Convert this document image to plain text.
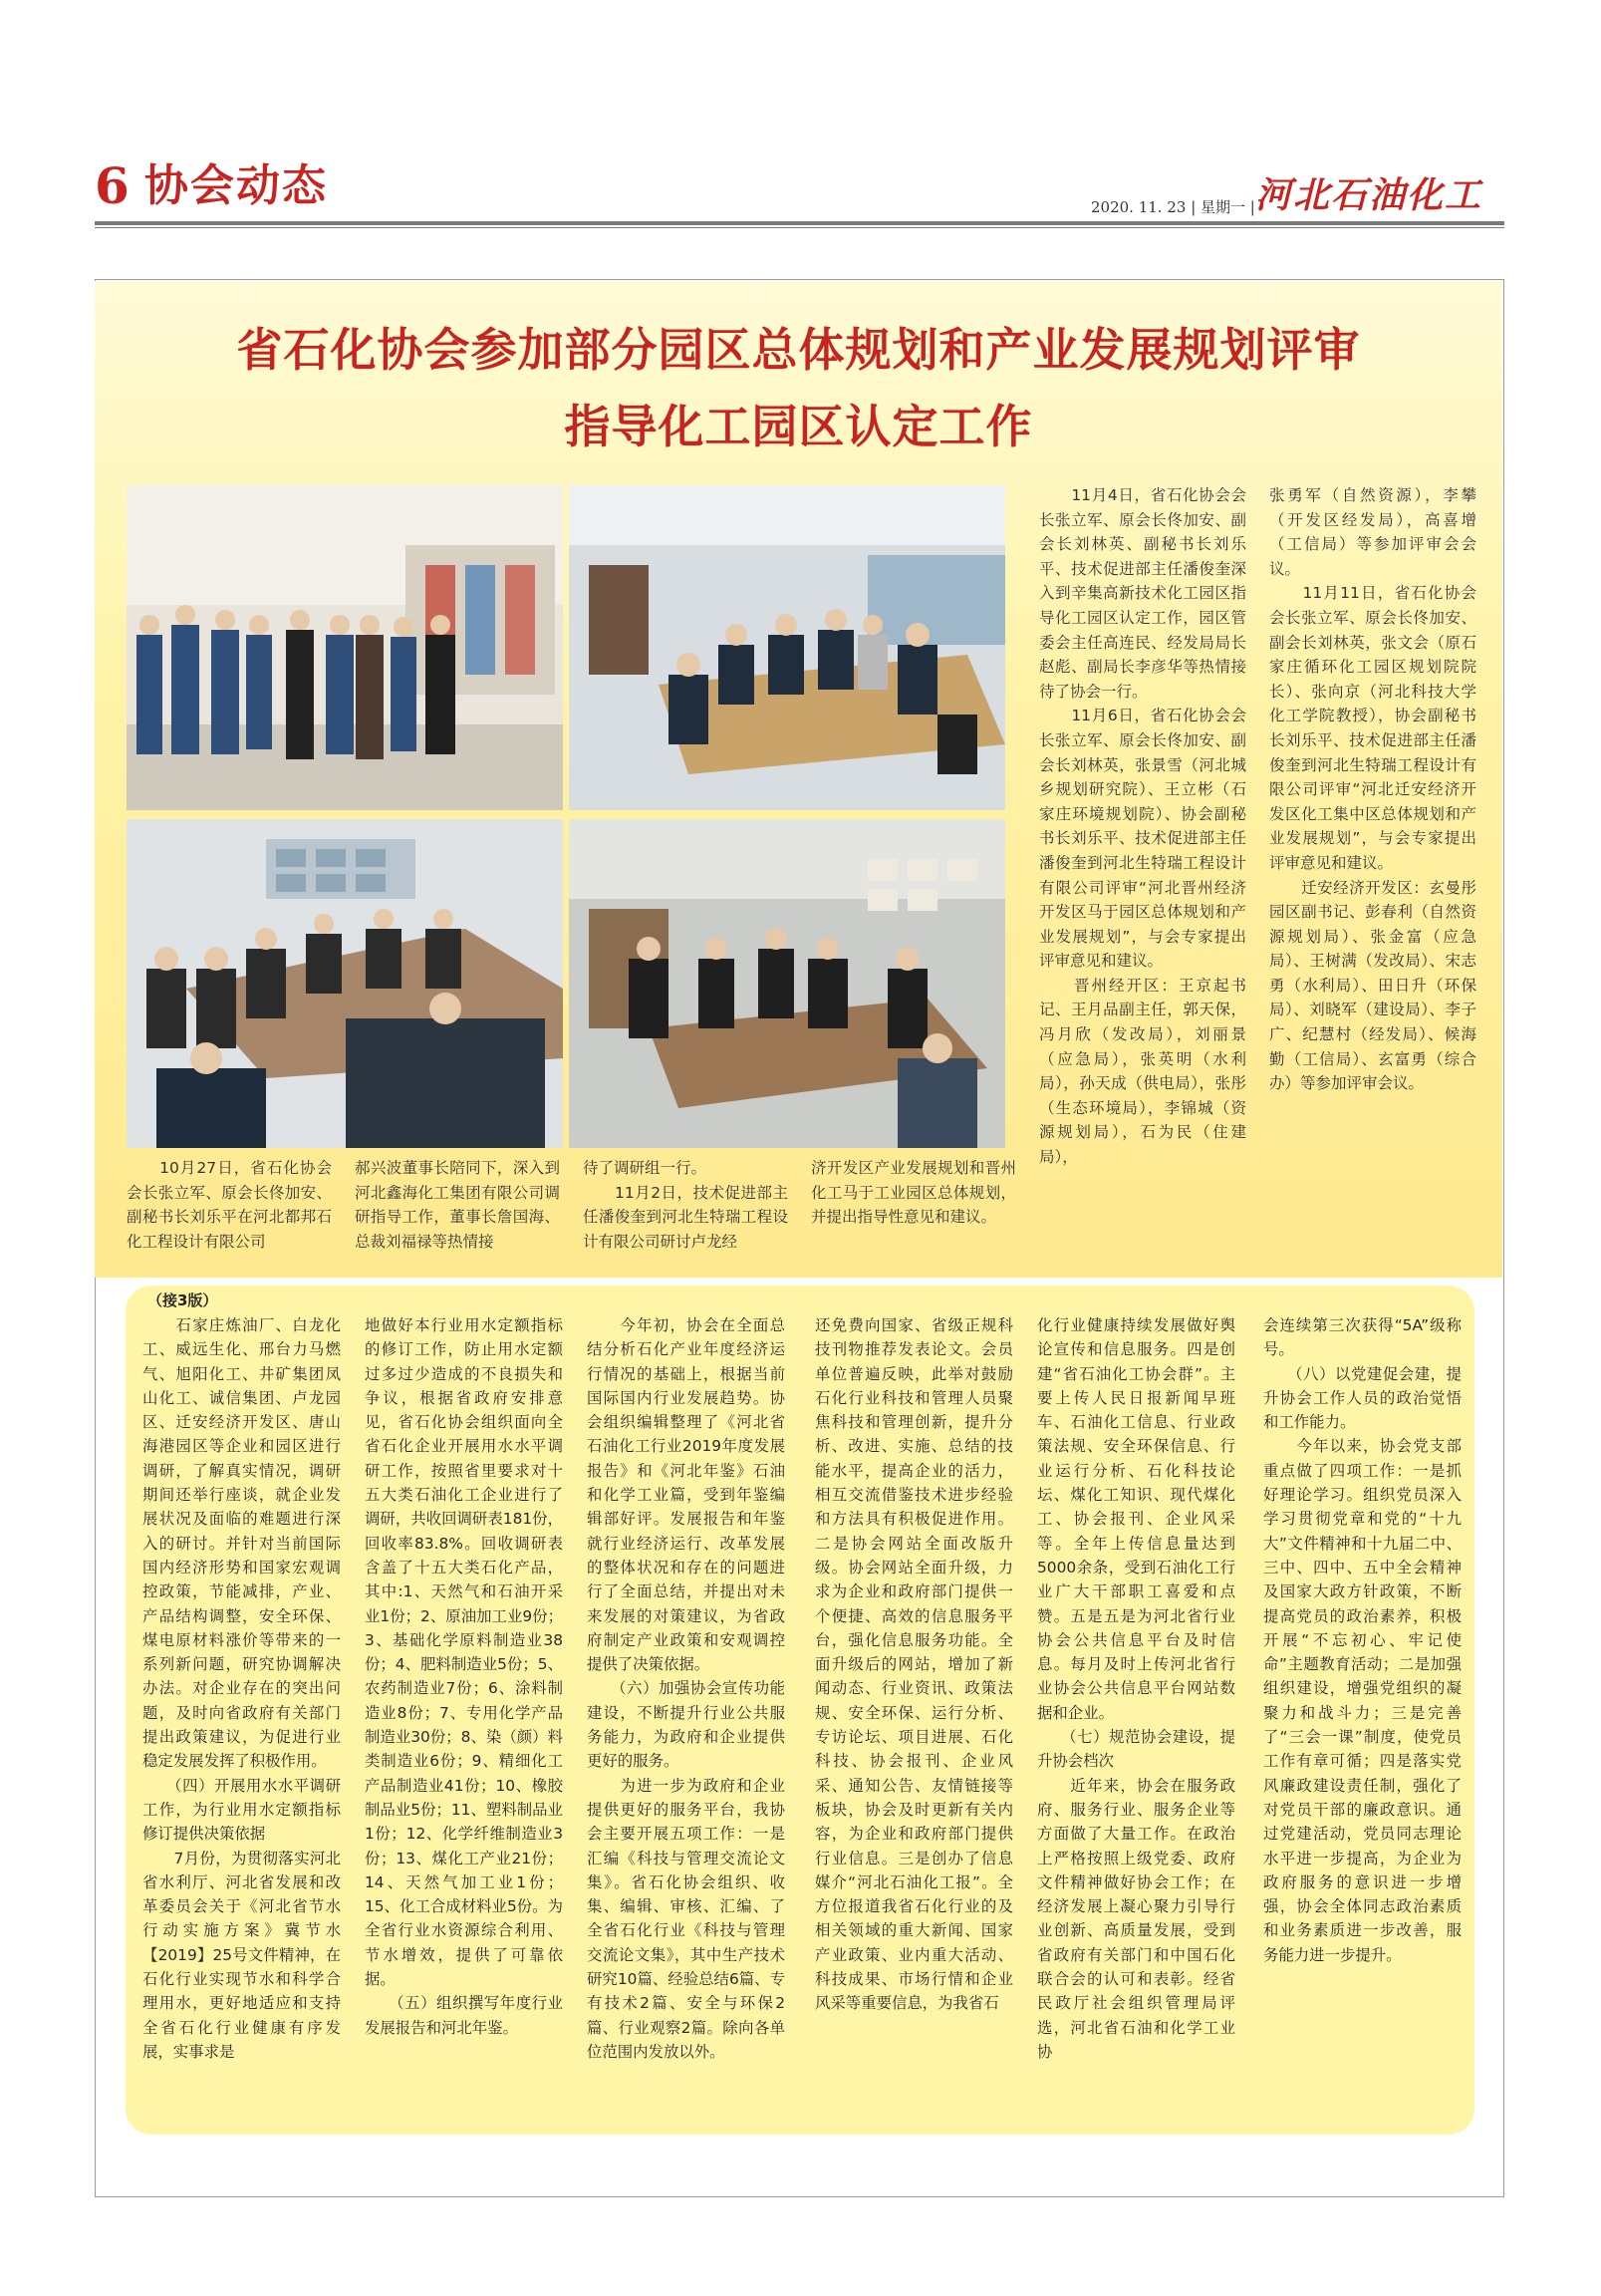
6 协会动态	2020. 11. 23 | 星期一 | 河北石油化工
省石化协会参加部分园区总体规划和产业发展规划评审
指导化工园区认定工作
　　10月27日，省石化协会会长张立军、原会长佟加安、副秘书长刘乐平在河北都邦石化工程设计有限公司
郝兴波董事长陪同下，深入到河北鑫海化工集团有限公司调研指导工作，董事长詹国海、总裁刘福禄等热情接
待了调研组一行。
　　11月2日，技术促进部主任潘俊奎到河北生特瑞工程设计有限公司研讨卢龙经
济开发区产业发展规划和晋州化工马于工业园区总体规划，并提出指导性意见和建议。
　　11月4日，省石化协会会长张立军、原会长佟加安、副会长刘林英、副秘书长刘乐平、技术促进部主任潘俊奎深入到辛集高新技术化工园区指导化工园区认定工作，园区管委会主任高连民、经发局局长赵彪、副局长李彦华等热情接待了协会一行。
　　11月6日，省石化协会会长张立军、原会长佟加安、副会长刘林英，张景雪（河北城乡规划研究院）、王立彬（石家庄环境规划院）、协会副秘书长刘乐平、技术促进部主任潘俊奎到河北生特瑞工程设计有限公司评审“河北晋州经济开发区马于园区总体规划和产业发展规划”，与会专家提出评审意见和建议。
　　晋州经开区：王京起书记、王月品副主任，郭天保，冯月欣（发改局），刘丽景（应急局），张英明（水利局），孙天成（供电局），张彤（生态环境局），李锦城（资源规划局），石为民（住建局），
张勇军（自然资源），李攀（开发区经发局），高喜增（工信局）等参加评审会会议。
　　11月11日，省石化协会会长张立军、原会长佟加安、副会长刘林英，张文会（原石家庄循环化工园区规划院院长）、张向京（河北科技大学化工学院教授），协会副秘书长刘乐平、技术促进部主任潘俊奎到河北生特瑞工程设计有限公司评审“河北迁安经济开发区化工集中区总体规划和产业发展规划”，与会专家提出评审意见和建议。
　　迁安经济开发区：玄曼彤园区副书记、彭春利（自然资源规划局）、张金富（应急局）、王树满（发改局）、宋志勇（水利局）、田日升（环保局）、刘晓军（建设局）、李子广、纪慧村（经发局）、候海勤（工信局）、玄富勇（综合办）等参加评审会议。
（接3版）
　　石家庄炼油厂、白龙化工、威远生化、邢台力马燃气、旭阳化工、井矿集团凤山化工、诚信集团、卢龙园区、迁安经济开发区、唐山海港园区等企业和园区进行调研，了解真实情况，调研期间还举行座谈，就企业发展状况及面临的难题进行深入的研讨。并针对当前国际国内经济形势和国家宏观调控政策，节能减排，产业、产品结构调整，安全环保、煤电原材料涨价等带来的一系列新问题，研究协调解决办法。对企业存在的突出问题，及时向省政府有关部门提出政策建议，为促进行业稳定发展发挥了积极作用。
　　（四）开展用水水平调研工作，为行业用水定额指标修订提供决策依据
　　7月份，为贯彻落实河北省水利厅、河北省发展和改革委员会关于《河北省节水行动实施方案》冀节水【2019】25号文件精神，在石化行业实现节水和科学合理用水，更好地适应和支持全省石化行业健康有序发展，实事求是
地做好本行业用水定额指标的修订工作，防止用水定额过多过少造成的不良损失和争议，根据省政府安排意见，省石化协会组织面向全省石化企业开展用水水平调研工作，按照省里要求对十五大类石油化工企业进行了调研，共收回调研表181份，回收率83.8%。回收调研表含盖了十五大类石化产品，其中:1、天然气和石油开采业1份；2、原油加工业9份；3、基础化学原料制造业38份；4、肥料制造业5份；5、农药制造业7份；6、涂料制造业8份；7、专用化学产品制造业30份；8、染（颜）料类制造业6份；9、精细化工产品制造业41份；10、橡胶制品业5份；11、塑料制品业1份；12、化学纤维制造业3份；13、煤化工产业21份；14、天然气加工业1份；15、化工合成材料业5份。为全省行业水资源综合利用、节水增效，提供了可靠依据。
　　（五）组织撰写年度行业发展报告和河北年鉴。
　　今年初，协会在全面总结分析石化产业年度经济运行情况的基础上，根据当前国际国内行业发展趋势。协会组织编辑整理了《河北省石油化工行业2019年度发展报告》和《河北年鉴》石油和化学工业篇，受到年鉴编辑部好评。发展报告和年鉴就行业经济运行、改革发展的整体状况和存在的问题进行了全面总结，并提出对未来发展的对策建议，为省政府制定产业政策和安观调控提供了决策依据。
　　（六）加强协会宣传功能建设，不断提升行业公共服务能力，为政府和企业提供更好的服务。
　　为进一步为政府和企业提供更好的服务平台，我协会主要开展五项工作：一是汇编《科技与管理交流论文集》。省石化协会组织、收集、编辑、审核、汇编、了全省石化行业《科技与管理交流论文集》，其中生产技术研究10篇、经验总结6篇、专有技术2篇、安全与环保2篇、行业观察2篇。除向各单位范围内发放以外。
还免费向国家、省级正规科技刊物推荐发表论文。会员单位普遍反映，此举对鼓励石化行业科技和管理人员聚焦科技和管理创新，提升分析、改进、实施、总结的技能水平，提高企业的活力，相互交流借鉴技术进步经验和方法具有积极促进作用。二是协会网站全面改版升级。协会网站全面升级，力求为企业和政府部门提供一个便捷、高效的信息服务平台，强化信息服务功能。全面升级后的网站，增加了新闻动态、行业资讯、政策法规、安全环保、运行分析、专访论坛、项目进展、石化科技、协会报刊、企业风采、通知公告、友情链接等板块，协会及时更新有关内容，为企业和政府部门提供行业信息。三是创办了信息媒介“河北石油化工报”。全方位报道我省石化行业的及相关领域的重大新闻、国家产业政策、业内重大活动、科技成果、市场行情和企业风采等重要信息，为我省石
化行业健康持续发展做好舆论宣传和信息服务。四是创建“省石油化工协会群”。主要上传人民日报新闻早班车、石油化工信息、行业政策法规、安全环保信息、行业运行分析、石化科技论坛、煤化工知识、现代煤化工、协会报刊、企业风采等。全年上传信息量达到5000余条，受到石油化工行业广大干部职工喜爱和点赞。五是五是为河北省行业协会公共信息平台及时信息。每月及时上传河北省行业协会公共信息平台网站数据和企业。
　　（七）规范协会建设，提升协会档次
　　近年来，协会在服务政府、服务行业、服务企业等方面做了大量工作。在政治上严格按照上级党委、政府文件精神做好协会工作；在经济发展上凝心聚力引导行业创新、高质量发展，受到省政府有关部门和中国石化联合会的认可和表彰。经省民政厅社会组织管理局评选，河北省石油和化学工业协
会连续第三次获得“5A”级称号。
　　（八）以党建促会建，提升协会工作人员的政治觉悟和工作能力。
　　今年以来，协会党支部重点做了四项工作：一是抓好理论学习。组织党员深入学习贯彻党章和党的“十九大”文件精神和十九届二中、三中、四中、五中全会精神及国家大政方针政策，不断提高党员的政治素养，积极开展“不忘初心、牢记使命”主题教育活动；二是加强组织建设，增强党组织的凝聚力和战斗力；三是完善了“三会一课”制度，使党员工作有章可循；四是落实党风廉政建设责任制，强化了对党员干部的廉政意识。通过党建活动，党员同志理论水平进一步提高，为企业为政府服务的意识进一步增强，协会全体同志政治素质和业务素质进一步改善，服务能力进一步提升。
